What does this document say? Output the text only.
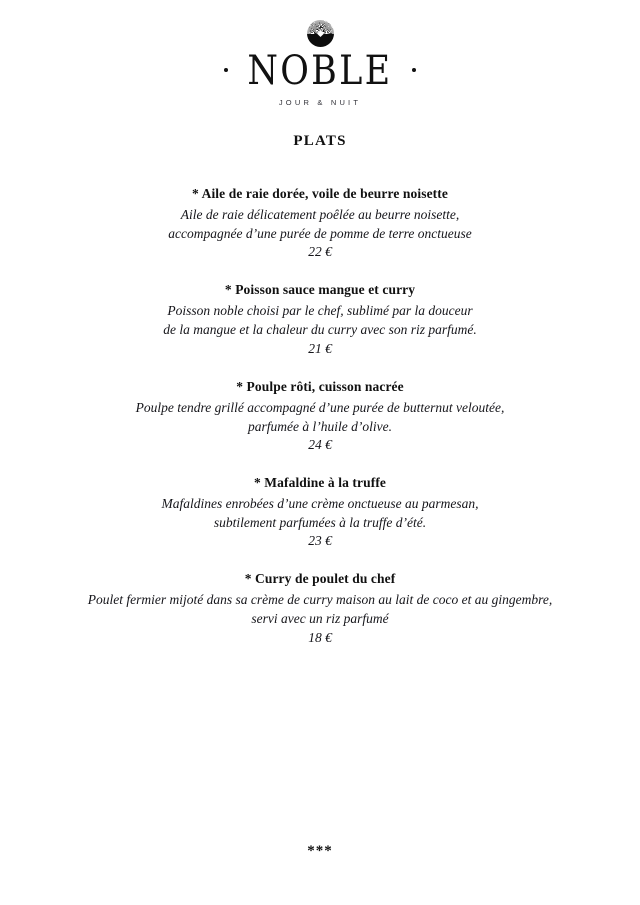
NOBLE
JOUR & NUIT
PLATS
* Aile de raie dorée, voile de beurre noisette
Aile de raie délicatement poêlée au beurre noisette,
accompagnée d’une purée de pomme de terre onctueuse
22 €
* Poisson sauce mangue et curry
Poisson noble choisi par le chef, sublimé par la douceur
de la mangue et la chaleur du curry avec son riz parfumé.
21 €
* Poulpe rôti, cuisson nacrée
Poulpe tendre grillé accompagné d’une purée de butternut veloutée,
parfumée à l’huile d’olive.
24 €
* Mafaldine à la truffe
Mafaldines enrobées d’une crème onctueuse au parmesan,
subtilement parfumées à la truffe d’été.
23 €
* Curry de poulet du chef
Poulet fermier mijoté dans sa crème de curry maison au lait de coco et au gingembre,
servi avec un riz parfumé
18 €
***
